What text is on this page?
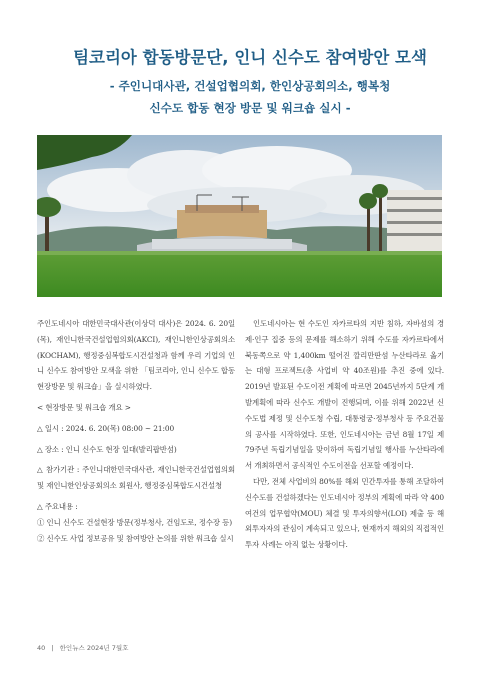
팀코리아 합동방문단, 인니 신수도 참여방안 모색

- 주인니대사관, 건설업협의회, 한인상공회의소, 행복청

신수도 합동 현장 방문 및 워크숍 실시 -

주인도네시아 대한민국대사관(이상덕 대사)은 2024. 6. 20일(목), 재인니한국건설업협의회(AKCI), 재인니한인상공회의소(KOCHAM), 행정중심복합도시건설청과 함께 우리 기업의 인니 신수도 참여방안 모색을 위한 「팀코리아, 인니 신수도 합동 현장방문 및 워크숍」을 실시하였다.

< 현장방문 및 워크숍 개요 >

△ 일시 : 2024. 6. 20(목) 08:00 ~ 21:00

△ 장소 : 인니 신수도 현장 일대(발리팝반섬)

△ 참가기관 : 주인니대한민국대사관, 재인니한국건설업협의회 및 재인니한인상공회의소 회원사, 행정중심복합도시건설청

△ 주요내용 :

① 인니 신수도 건설현장 방문(정부청사, 건임도로, 정수장 등)

② 신수도 사업 정보공유 및 참여방안 논의를 위한 워크숍 실시

인도네시아는 현 수도인 자카르타의 지반 침하, 자바섬의 경제·인구 집중 등의 문제를 해소하기 위해 수도를 자카르타에서 북동쪽으로 약 1,400km 떨어진 깔리만딴섬 누산타라로 옮기는 대형 프로젝트(총 사업비 약 40조원)를 추진 중에 있다. 2019년 발표된 수도이전 계획에 따르면 2045년까지 5단계 개발계획에 따라 신수도 개발이 진행되며, 이를 위해 2022년 신수도법 제정 및 신수도청 수립, 대통령궁·정부청사 등 주요건물의 공사를 시작하였다. 또한, 인도네시아는 금년 8월 17일 제79주년 독립기념일을 맞이하여 독립기념일 행사를 누산타라에서 개최하면서 공식적인 수도이전을 선포할 예정이다.

다만, 전체 사업비의 80%를 해외 민간투자를 통해 조달하여 신수도를 건설하겠다는 인도네시아 정부의 계획에 따라 약 400여건의 업무협약(MOU) 체결 및 투자의향서(LOI) 제출 등 해외투자자의 관심이 계속되고 있으나, 현재까지 해외의 직접적인 투자 사례는 아직 없는 상황이다.

40 | 한인뉴스 2024년 7월호
